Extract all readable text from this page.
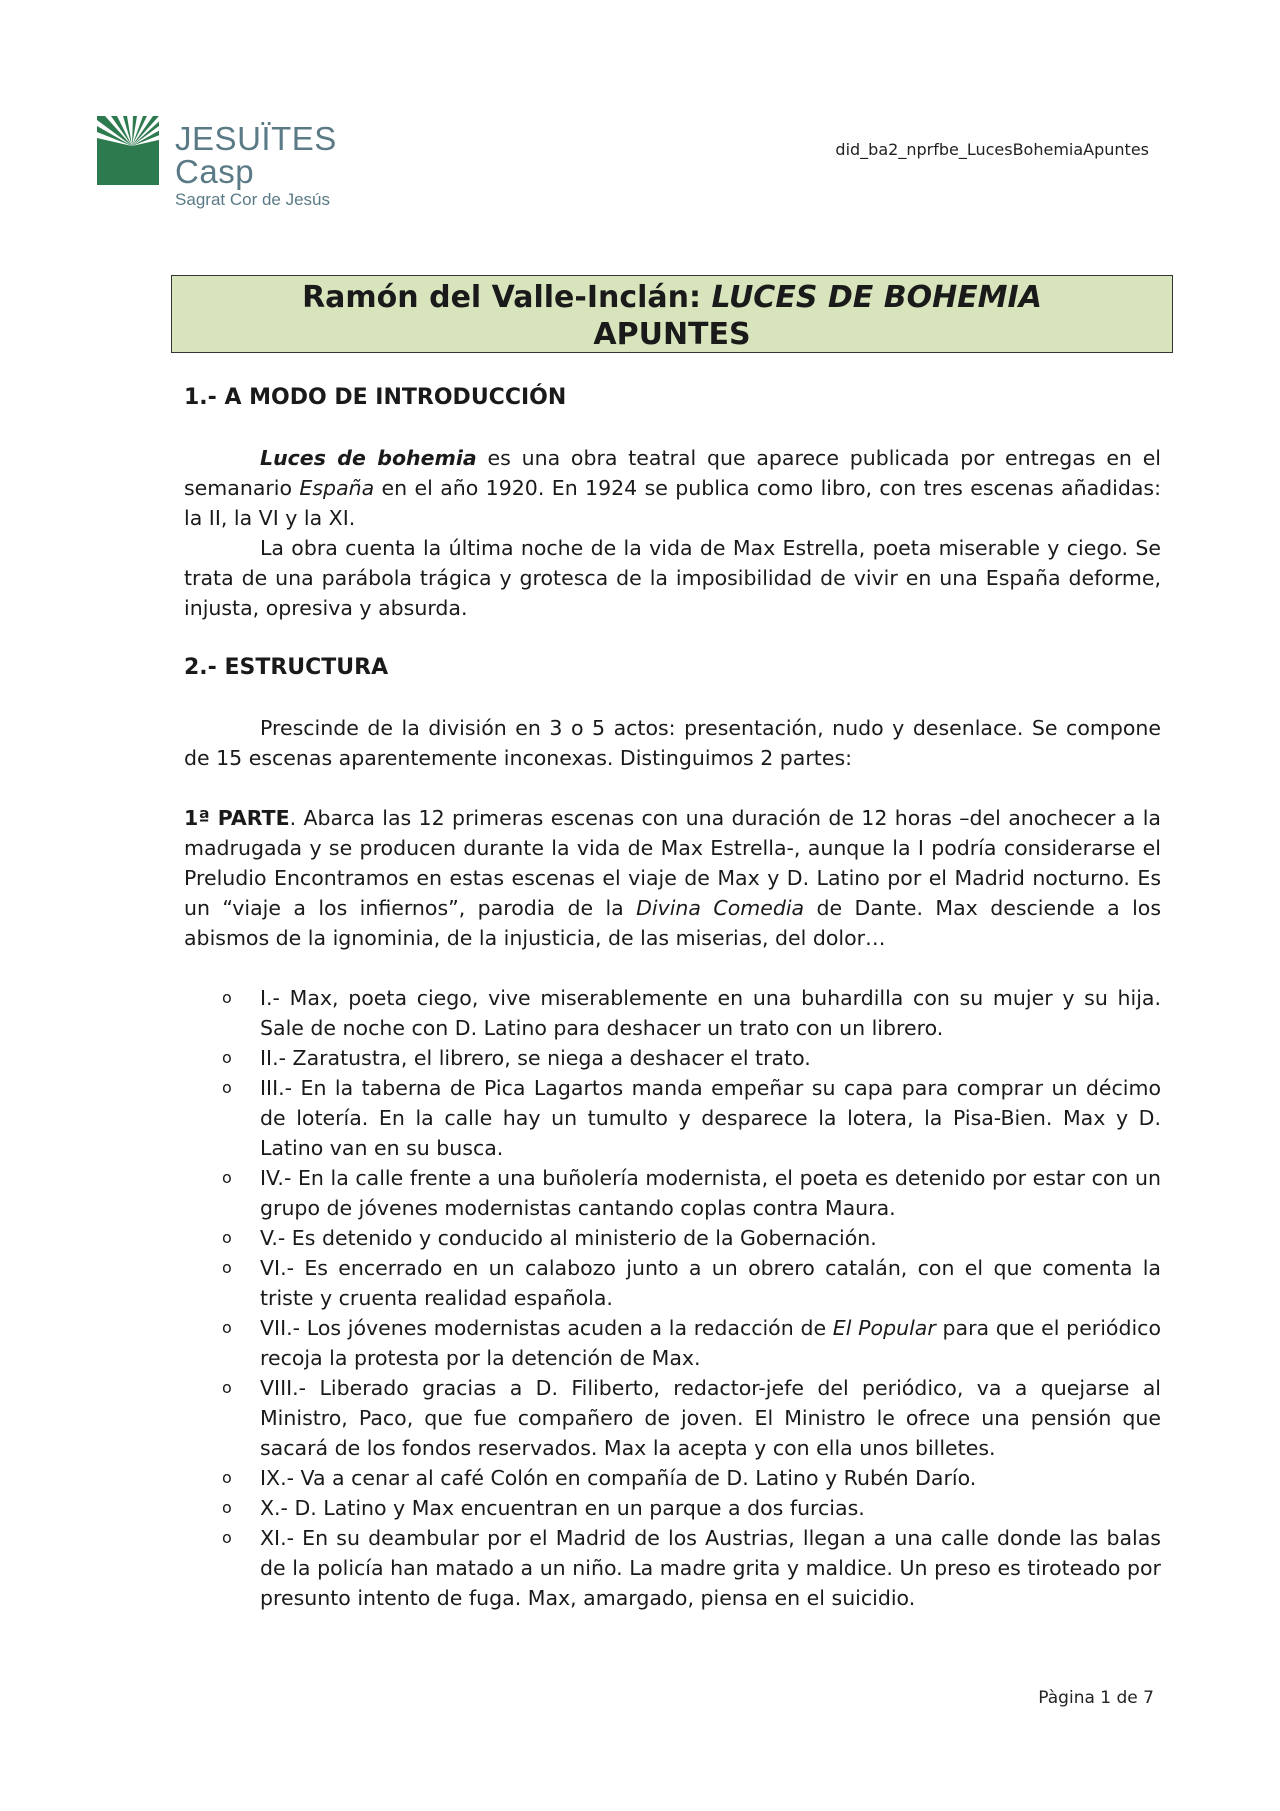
JESUÏTES Casp
Sagrat Cor de Jesús
did_ba2_nprfbe_LucesBohemiaApuntes
Ramón del Valle-Inclán: LUCES DE BOHEMIA
APUNTES
1.- A MODO DE INTRODUCCIÓN

Luces de bohemia es una obra teatral que aparece publicada por entregas en el semanario España en el año 1920. En 1924 se publica como libro, con tres escenas añadidas: la II, la VI y la XI.

La obra cuenta la última noche de la vida de Max Estrella, poeta miserable y ciego. Se trata de una parábola trágica y grotesca de la imposibilidad de vivir en una España deforme, injusta, opresiva y absurda.

2.- ESTRUCTURA

Prescinde de la división en 3 o 5 actos: presentación, nudo y desenlace. Se compone de 15 escenas aparentemente inconexas. Distinguimos 2 partes:

1ª PARTE. Abarca las 12 primeras escenas con una duración de 12 horas –del anochecer a la madrugada y se producen durante la vida de Max Estrella-, aunque la I podría considerarse el Preludio Encontramos en estas escenas el viaje de Max y D. Latino por el Madrid nocturno. Es un “viaje a los infiernos”, parodia de la Divina Comedia de Dante. Max desciende a los abismos de la ignominia, de la injusticia, de las miserias, del dolor…

o I.- Max, poeta ciego, vive miserablemente en una buhardilla con su mujer y su hija. Sale de noche con D. Latino para deshacer un trato con un librero.
o II.- Zaratustra, el librero, se niega a deshacer el trato.
o III.- En la taberna de Pica Lagartos manda empeñar su capa para comprar un décimo de lotería. En la calle hay un tumulto y desparece la lotera, la Pisa-Bien. Max y D. Latino van en su busca.
o IV.- En la calle frente a una buñolería modernista, el poeta es detenido por estar con un grupo de jóvenes modernistas cantando coplas contra Maura.
o V.- Es detenido y conducido al ministerio de la Gobernación.
o VI.- Es encerrado en un calabozo junto a un obrero catalán, con el que comenta la triste y cruenta realidad española.
o VII.- Los jóvenes modernistas acuden a la redacción de El Popular para que el periódico recoja la protesta por la detención de Max.
o VIII.- Liberado gracias a D. Filiberto, redactor-jefe del periódico, va a quejarse al Ministro, Paco, que fue compañero de joven. El Ministro le ofrece una pensión que sacará de los fondos reservados. Max la acepta y con ella unos billetes.
o IX.- Va a cenar al café Colón en compañía de D. Latino y Rubén Darío.
o X.- D. Latino y Max encuentran en un parque a dos furcias.
o XI.- En su deambular por el Madrid de los Austrias, llegan a una calle donde las balas de la policía han matado a un niño. La madre grita y maldice. Un preso es tiroteado por presunto intento de fuga. Max, amargado, piensa en el suicidio.
Pàgina 1 de 7
